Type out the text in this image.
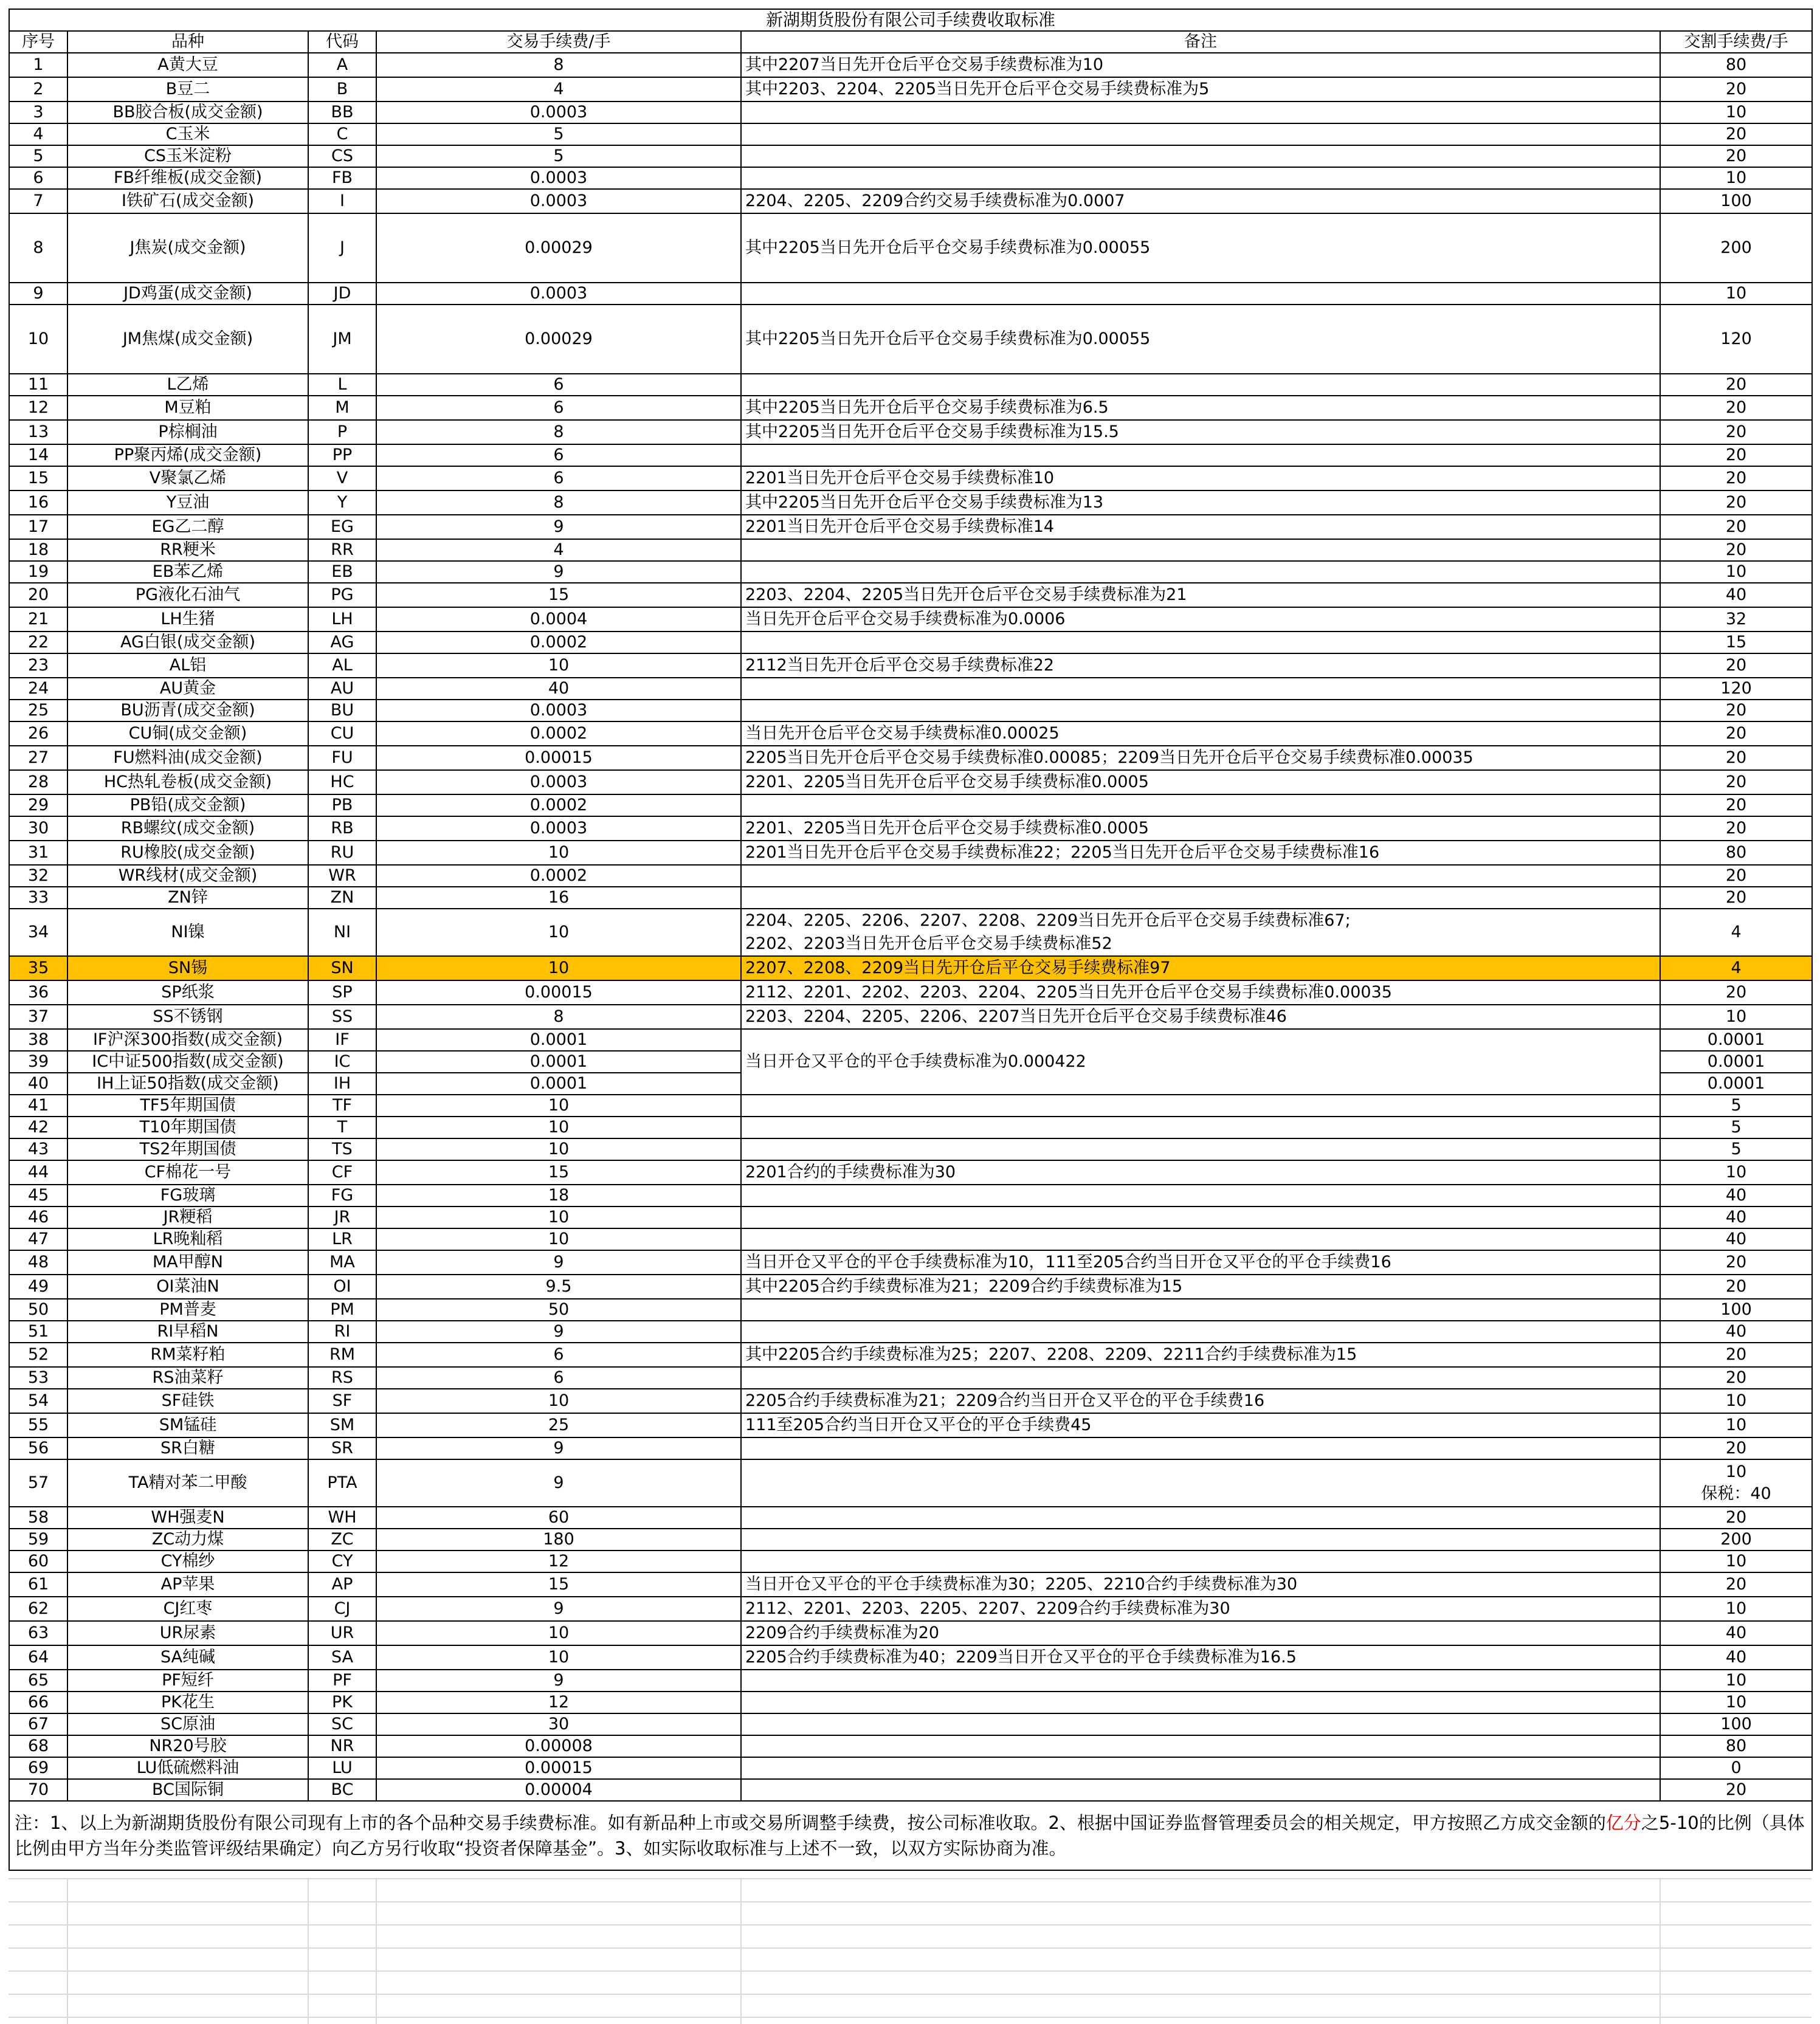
新湖期货股份有限公司手续费收取标准					
序号	品种	代码	交易手续费/手	备注	交割手续费/手
1	A黄大豆	A	8	其中2207当日先开仓后平仓交易手续费标准为10	80
2	B豆二	B	4	其中2203、2204、2205当日先开仓后平仓交易手续费标准为5	20
3	BB胶合板(成交金额)	BB	0.0003		10
4	C玉米	C	5		20
5	CS玉米淀粉	CS	5		20
6	FB纤维板(成交金额)	FB	0.0003		10
7	I铁矿石(成交金额)	I	0.0003	2204、2205、2209合约交易手续费标准为0.0007	100
8	J焦炭(成交金额)	J	0.00029	其中2205当日先开仓后平仓交易手续费标准为0.00055	200
9	JD鸡蛋(成交金额)	JD	0.0003		10
10	JM焦煤(成交金额)	JM	0.00029	其中2205当日先开仓后平仓交易手续费标准为0.00055	120
11	L乙烯	L	6		20
12	M豆粕	M	6	其中2205当日先开仓后平仓交易手续费标准为6.5	20
13	P棕榈油	P	8	其中2205当日先开仓后平仓交易手续费标准为15.5	20
14	PP聚丙烯(成交金额)	PP	6		20
15	V聚氯乙烯	V	6	2201当日先开仓后平仓交易手续费标准10	20
16	Y豆油	Y	8	其中2205当日先开仓后平仓交易手续费标准为13	20
17	EG乙二醇	EG	9	2201当日先开仓后平仓交易手续费标准14	20
18	RR粳米	RR	4		20
19	EB苯乙烯	EB	9		10
20	PG液化石油气	PG	15	2203、2204、2205当日先开仓后平仓交易手续费标准为21	40
21	LH生猪	LH	0.0004	当日先开仓后平仓交易手续费标准为0.0006	32
22	AG白银(成交金额)	AG	0.0002		15
23	AL铝	AL	10	2112当日先开仓后平仓交易手续费标准22	20
24	AU黄金	AU	40		120
25	BU沥青(成交金额)	BU	0.0003		20
26	CU铜(成交金额)	CU	0.0002	当日先开仓后平仓交易手续费标准0.00025	20
27	FU燃料油(成交金额)	FU	0.00015	2205当日先开仓后平仓交易手续费标准0.00085；2209当日先开仓后平仓交易手续费标准0.00035	20
28	HC热轧卷板(成交金额)	HC	0.0003	2201、2205当日先开仓后平仓交易手续费标准0.0005	20
29	PB铅(成交金额)	PB	0.0002		20
30	RB螺纹(成交金额)	RB	0.0003	2201、2205当日先开仓后平仓交易手续费标准0.0005	20
31	RU橡胶(成交金额)	RU	10	2201当日先开仓后平仓交易手续费标准22；2205当日先开仓后平仓交易手续费标准16	80
32	WR线材(成交金额)	WR	0.0002		20
33	ZN锌	ZN	16		20
34	NI镍	NI	10	2204、2205、2206、2207、2208、2209当日先开仓后平仓交易手续费标准67;
2202、2203当日先开仓后平仓交易手续费标准52	4
35	SN锡	SN	10	2207、2208、2209当日先开仓后平仓交易手续费标准97	4
36	SP纸浆	SP	0.00015	2112、2201、2202、2203、2204、2205当日先开仓后平仓交易手续费标准0.00035	20
37	SS不锈钢	SS	8	2203、2204、2205、2206、2207当日先开仓后平仓交易手续费标准46	10
38	IF沪深300指数(成交金额)	IF	0.0001	当日开仓又平仓的平仓手续费标准为0.000422	0.0001
39	IC中证500指数(成交金额)	IC	0.0001		0.0001
40	IH上证50指数(成交金额)	IH	0.0001		0.0001
41	TF5年期国债	TF	10		5
42	T10年期国债	T	10		5
43	TS2年期国债	TS	10		5
44	CF棉花一号	CF	15	2201合约的手续费标准为30	10
45	FG玻璃	FG	18		40
46	JR粳稻	JR	10		40
47	LR晚籼稻	LR	10		40
48	MA甲醇N	MA	9	当日开仓又平仓的平仓手续费标准为10，111至205合约当日开仓又平仓的平仓手续费16	20
49	OI菜油N	OI	9.5	其中2205合约手续费标准为21；2209合约手续费标准为15	20
50	PM普麦	PM	50		100
51	RI早稻N	RI	9		40
52	RM菜籽粕	RM	6	其中2205合约手续费标准为25；2207、2208、2209、2211合约手续费标准为15	20
53	RS油菜籽	RS	6		20
54	SF硅铁	SF	10	2205合约手续费标准为21；2209合约当日开仓又平仓的平仓手续费16	10
55	SM锰硅	SM	25	111至205合约当日开仓又平仓的平仓手续费45	10
56	SR白糖	SR	9		20
57	TA精对苯二甲酸	PTA	9		10
保税：40
58	WH强麦N	WH	60		20
59	ZC动力煤	ZC	180		200
60	CY棉纱	CY	12		10
61	AP苹果	AP	15	当日开仓又平仓的平仓手续费标准为30；2205、2210合约手续费标准为30	20
62	CJ红枣	CJ	9	2112、2201、2203、2205、2207、2209合约手续费标准为30	10
63	UR尿素	UR	10	2209合约手续费标准为20	40
64	SA纯碱	SA	10	2205合约手续费标准为40；2209当日开仓又平仓的平仓手续费标准为16.5	40
65	PF短纤	PF	9		10
66	PK花生	PK	12		10
67	SC原油	SC	30		100
68	NR20号胶	NR	0.00008		80
69	LU低硫燃料油	LU	0.00015		0
70	BC国际铜	BC	0.00004		20
注：1、以上为新湖期货股份有限公司现有上市的各个品种交易手续费标准。如有新品种上市或交易所调整手续费，按公司标准收取。2、根据中国证券监督管理委员会的相关规定，甲方按照乙方成交金额的亿分之5-10的比例（具体比例由甲方当年分类监管评级结果确定）向乙方另行收取“投资者保障基金”。3、如实际收取标准与上述不一致，以双方实际协商为准。					
